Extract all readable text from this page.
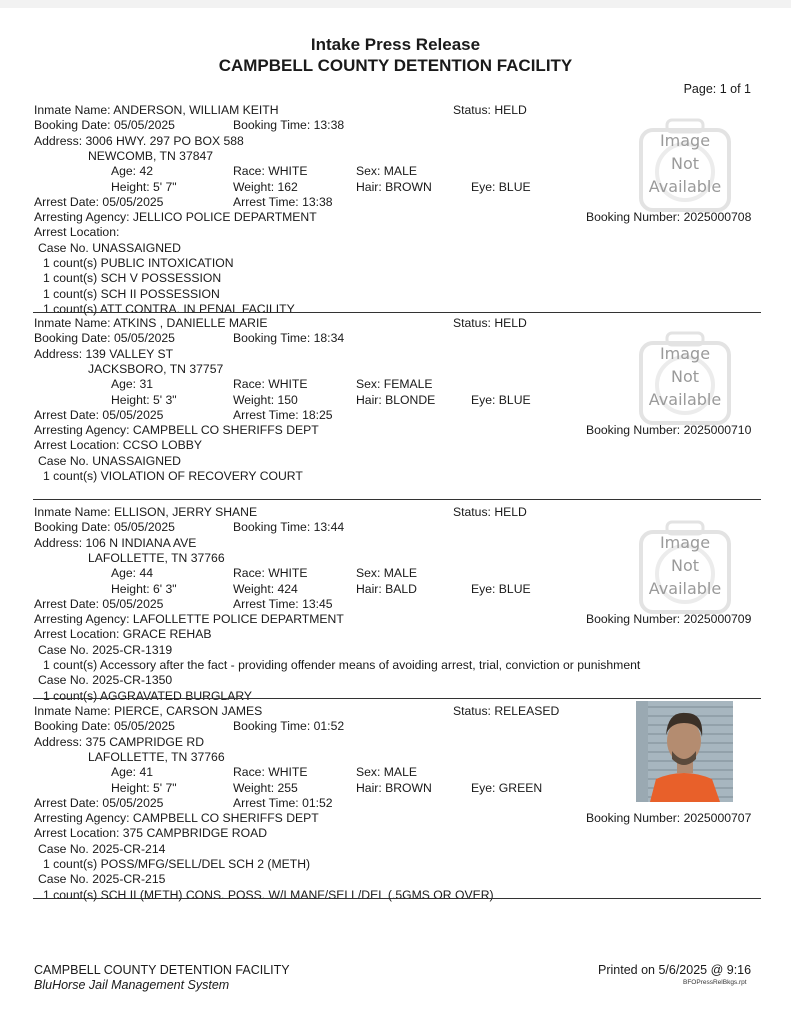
Intake Press Release
CAMPBELL COUNTY DETENTION FACILITY
Page: 1 of 1
Inmate Name: ANDERSON, WILLIAM KEITH	Status: HELD
Booking Date: 05/05/2025	Booking Time: 13:38
Address: 3006 HWY. 297 PO BOX 588
NEWCOMB, TN 37847
Age: 42	Race: WHITE	Sex: MALE
Height: 5' 7"	Weight: 162	Hair: BROWN	Eye: BLUE
Arrest Date: 05/05/2025	Arrest Time: 13:38
Arresting Agency: JELLICO POLICE DEPARTMENT	Booking Number: 2025000708
Arrest Location:
Case No. UNASSAIGNED
1 count(s) PUBLIC INTOXICATION
1 count(s) SCH V POSSESSION
1 count(s) SCH II POSSESSION
1 count(s) ATT CONTRA. IN PENAL FACILITY
Image
Not
Available
Inmate Name: ATKINS , DANIELLE MARIE	Status: HELD
Booking Date: 05/05/2025	Booking Time: 18:34
Address: 139 VALLEY ST
JACKSBORO, TN 37757
Age: 31	Race: WHITE	Sex: FEMALE
Height: 5' 3"	Weight: 150	Hair: BLONDE	Eye: BLUE
Arrest Date: 05/05/2025	Arrest Time: 18:25
Arresting Agency: CAMPBELL CO SHERIFFS DEPT	Booking Number: 2025000710
Arrest Location: CCSO LOBBY
Case No. UNASSAIGNED
1 count(s) VIOLATION OF RECOVERY COURT
Image
Not
Available
Inmate Name: ELLISON, JERRY SHANE	Status: HELD
Booking Date: 05/05/2025	Booking Time: 13:44
Address: 106 N INDIANA AVE
LAFOLLETTE, TN 37766
Age: 44	Race: WHITE	Sex: MALE
Height: 6' 3"	Weight: 424	Hair: BALD	Eye: BLUE
Arrest Date: 05/05/2025	Arrest Time: 13:45
Arresting Agency: LAFOLLETTE POLICE DEPARTMENT	Booking Number: 2025000709
Arrest Location: GRACE REHAB
Case No. 2025-CR-1319
1 count(s) Accessory after the fact - providing offender means of avoiding arrest, trial, conviction or punishment
Case No. 2025-CR-1350
1 count(s) AGGRAVATED BURGLARY
Image
Not
Available
Inmate Name: PIERCE, CARSON JAMES	Status: RELEASED
Booking Date: 05/05/2025	Booking Time: 01:52
Address: 375 CAMPRIDGE RD
LAFOLLETTE, TN 37766
Age: 41	Race: WHITE	Sex: MALE
Height: 5' 7"	Weight: 255	Hair: BROWN	Eye: GREEN
Arrest Date: 05/05/2025	Arrest Time: 01:52
Arresting Agency: CAMPBELL CO SHERIFFS DEPT	Booking Number: 2025000707
Arrest Location: 375 CAMPBRIDGE ROAD
Case No. 2025-CR-214
1 count(s) POSS/MFG/SELL/DEL SCH 2 (METH)
Case No. 2025-CR-215
1 count(s) SCH II (METH) CONS. POSS. W/I MANF/SELL/DEL (.5GMS OR OVER)
CAMPBELL COUNTY DETENTION FACILITY
BluHorse Jail Management System
Printed on 5/6/2025 @ 9:16
BFOPressRelBkgs.rpt
